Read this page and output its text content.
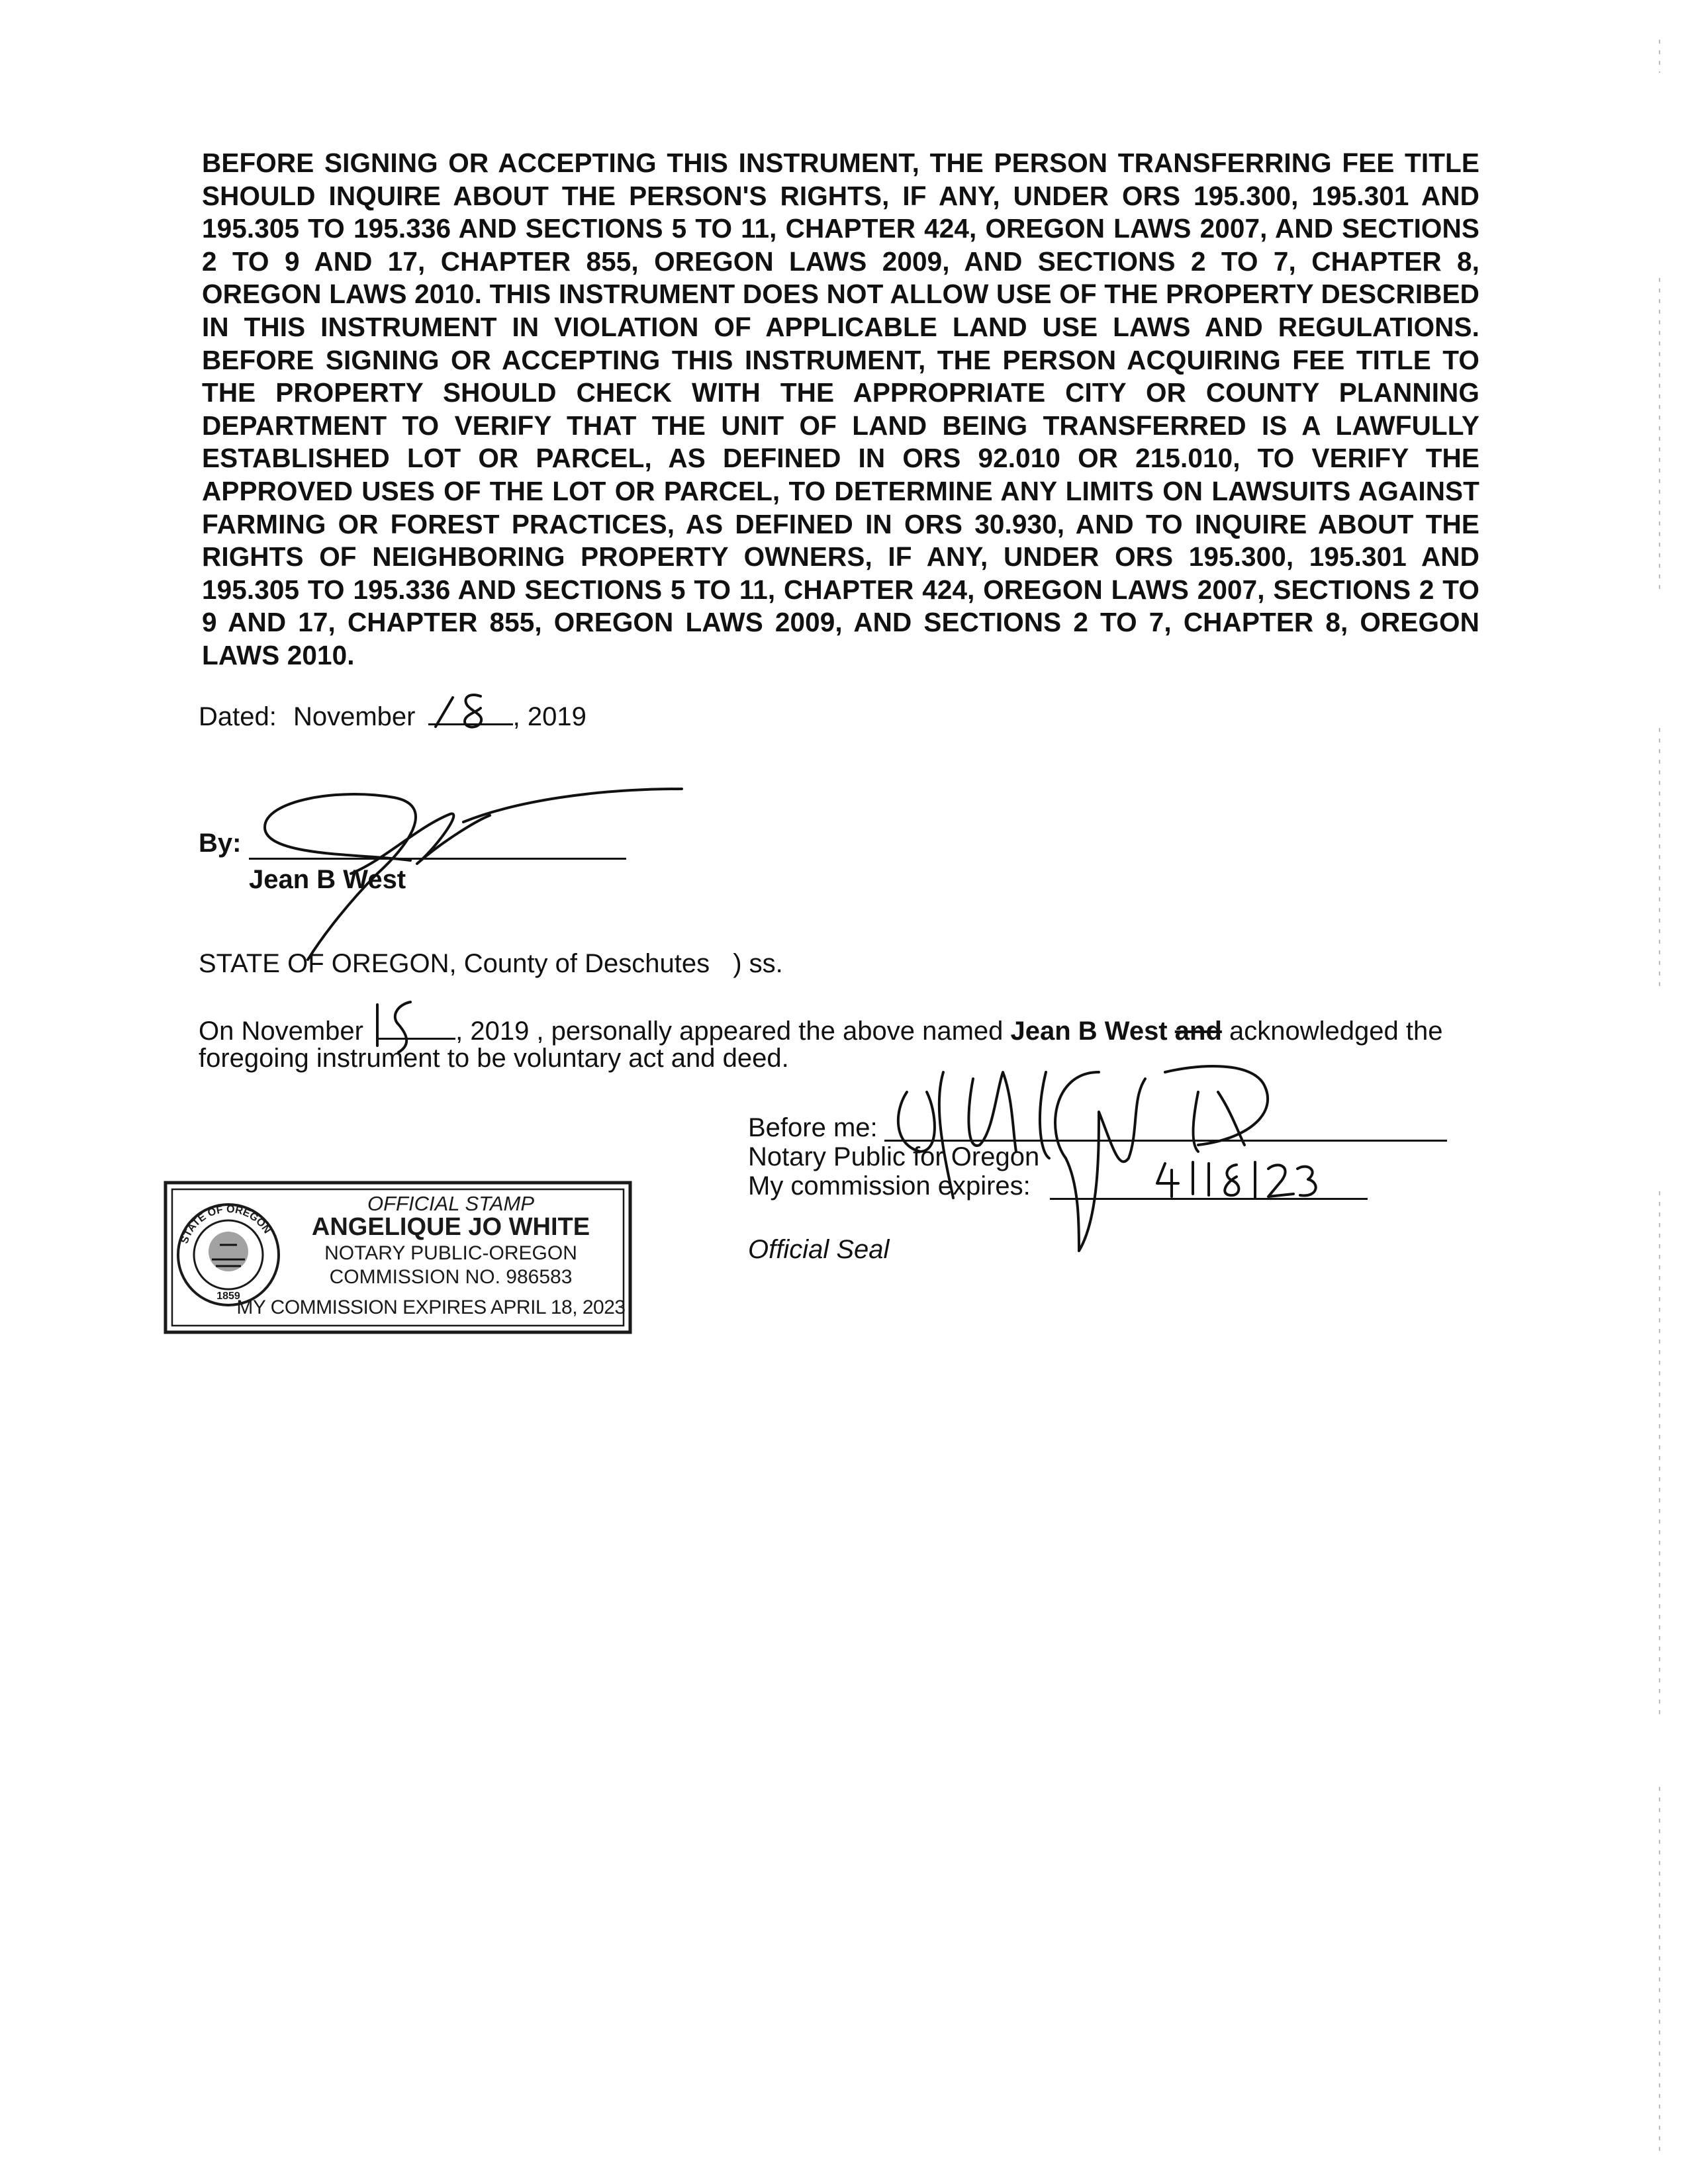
BEFORE SIGNING OR ACCEPTING THIS INSTRUMENT, THE PERSON TRANSFERRING FEE TITLE SHOULD INQUIRE ABOUT THE PERSON'S RIGHTS, IF ANY, UNDER ORS 195.300, 195.301 AND 195.305 TO 195.336 AND SECTIONS 5 TO 11, CHAPTER 424, OREGON LAWS 2007, AND SECTIONS 2 TO 9 AND 17, CHAPTER 855, OREGON LAWS 2009, AND SECTIONS 2 TO 7, CHAPTER 8, OREGON LAWS 2010. THIS INSTRUMENT DOES NOT ALLOW USE OF THE PROPERTY DESCRIBED IN THIS INSTRUMENT IN VIOLATION OF APPLICABLE LAND USE LAWS AND REGULATIONS. BEFORE SIGNING OR ACCEPTING THIS INSTRUMENT, THE PERSON ACQUIRING FEE TITLE TO THE PROPERTY SHOULD CHECK WITH THE APPROPRIATE CITY OR COUNTY PLANNING DEPARTMENT TO VERIFY THAT THE UNIT OF LAND BEING TRANSFERRED IS A LAWFULLY ESTABLISHED LOT OR PARCEL, AS DEFINED IN ORS 92.010 OR 215.010, TO VERIFY THE APPROVED USES OF THE LOT OR PARCEL, TO DETERMINE ANY LIMITS ON LAWSUITS AGAINST FARMING OR FOREST PRACTICES, AS DEFINED IN ORS 30.930, AND TO INQUIRE ABOUT THE RIGHTS OF NEIGHBORING PROPERTY OWNERS, IF ANY, UNDER ORS 195.300, 195.301 AND 195.305 TO 195.336 AND SECTIONS 5 TO 11, CHAPTER 424, OREGON LAWS 2007, SECTIONS 2 TO 9 AND 17, CHAPTER 855, OREGON LAWS 2009, AND SECTIONS 2 TO 7, CHAPTER 8, OREGON LAWS 2010.
Dated: November	, 2019
By:
Jean B West
STATE OF OREGON, County of Deschutes ) ss.
On November	, 2019 , personally appeared the above named Jean B West and acknowledged the
foregoing instrument to be voluntary act and deed.
Before me:
Notary Public for Oregon
My commission expires:
Official Seal
STATE OF OREGON
1859
OFFICIAL STAMP
ANGELIQUE JO WHITE
NOTARY PUBLIC-OREGON
COMMISSION NO. 986583
MY COMMISSION EXPIRES APRIL 18, 2023
